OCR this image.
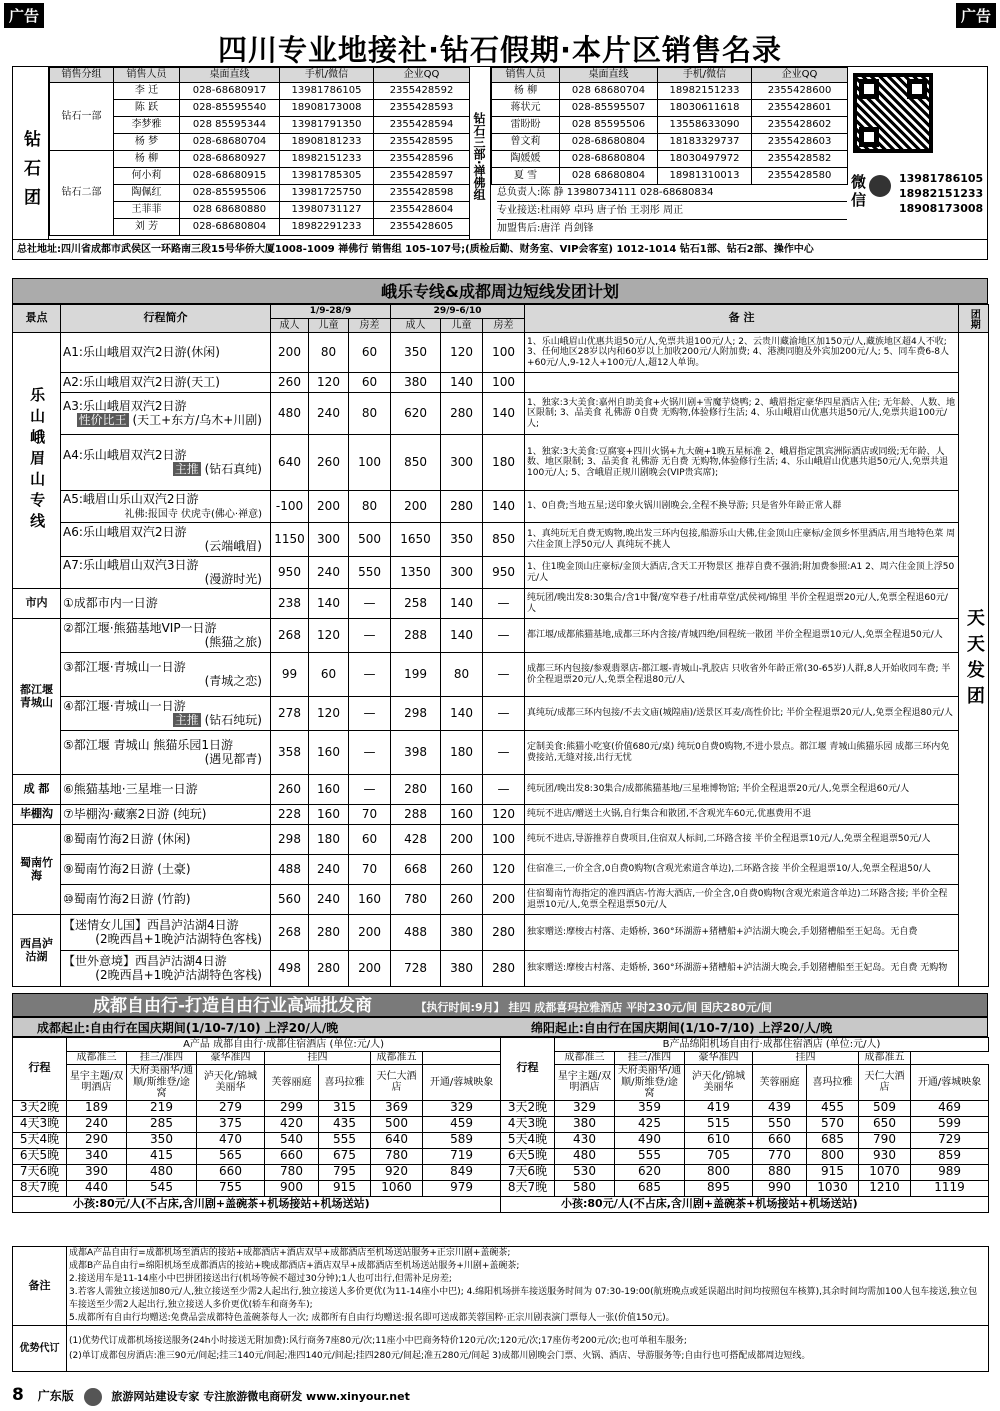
广告	广告
四川专业地接社·钻石假期·本片区销售名录
钻石团
销售分组	销售人员	桌面直线	手机/微信	企业QQ
钻石一部	李 迁	028-68680917	13981786105	2355428592
	陈 跃	028-85595540	18908173008	2355428593
	李梦雅	028 85595344	13981791350	2355428594
	杨 梦	028-68680704	18908181233	2355428595
钻石二部	杨 柳	028-68680927	18982151233	2355428596
	何小莉	028-68680915	13981785305	2355428597
	陶佩红	028-85595506	13981725750	2355428598
	王菲菲	028 68680880	13980731127	2355428604
	刘 芳	028-68680804	18982291233	2355428605
钻石三部·禅佛组
销售人员	桌面直线	手机/微信	企业QQ
杨 柳	028 68680704	18982151233	2355428600
蒋状元	028-85595507	18030611618	2355428601
雷盼盼	028 85595506	13558633090	2355428602
曾文莉	028-68680804	18183329737	2355428603
陶媛媛	028-68680804	18030497972	2355428582
夏 雪	028 68680804	18981310013	2355428580
总负责人:陈 静 13980734111 028-68680834
专业接送:杜雨婷 卓玛 唐子怡 王羽彤 周正
加盟售后:唐洋 肖剑锋
微信
13981786105
18982151233
18908173008
总社地址:四川省成都市武侯区一环路南三段15号华侨大厦1008-1009 禅佛行 销售组 105-107号;(质检后勤、财务室、VIP会客室) 1012-1014 钻石1部、钻石2部、操作中心
峨乐专线&成都周边短线发团计划
景点	行程简介	1/9-28/9			29/9-6/10			备 注	团期
		成人	儿童	房差	成人	儿童	房差		
乐山峨眉山专线	A1:乐山峨眉双汽2日游(休闲)	200	80	60	350	120	100	1、乐山峨眉山优惠共退50元/人,免票共退100元/人; 2、云贵川藏渝地区加150元/人,藏族地区超4人不收; 3、任何地区28岁以内和60岁以上加收200元/人附加费; 4、港澳同胞及外宾加200元/人; 5、同车费6-8人+60元/人,9-12人+100元/人,超12人单询。	天天发团

	A2:乐山峨眉双汽2日游(天工)	260	120	60	380	140	100		

	A3:乐山峨眉双汽2日游
性价比王 (天工+东方/乌木+川剧)	480	240	80	620	280	140	1、独家:3大美食:嘉州自助美食+火锅川剧+雪魔芋烧鸭; 2、峨眉指定豪华四星酒店入住; 无年龄、人数、地区限制; 3、品美食 礼佛游 0自费 无购物,体验修行生活; 4、乐山峨眉山优惠共退50元/人,免票共退100元/人;	

	A4:乐山峨眉双汽2日游
主推 (钻石真纯)	640	260	100	850	300	180	1、独家:3大美食:豆腐宴+四川火锅+九大碗+1晚五星标准 2、峨眉指定凯宾洲际酒店或同级;无年龄、人数、地区限制; 3、品美食 礼佛游 无自费 无购物,体验修行生活; 4、乐山峨眉山优惠共退50元/人,免票共退100元/人; 5、含峨眉正规川剧晚会(VIP贵宾席);	

	A5:峨眉山乐山双汽2日游
礼佛:报国寺 伏虎寺(佛心·禅意)	-100	200	80	200	280	140	1、0自费;当地五星;送印象火锅川剧晚会,全程不换导游; 只是省外年龄正常人群	

	A6:乐山峨眉双汽2日游
(云端峨眉)	1150	300	500	1650	350	850	1、真纯玩无自费无购物,晚出发三环内包接,船游乐山大佛,住金顶山庄豪标/金顶乡怀里酒店,用当地特色菜 周六住金顶上浮50元/人 真纯玩不挑人	

	A7:乐山峨眉山双汽3日游
(漫游时光)	950	240	550	1350	300	950	1、住1晚金顶山庄豪标/金顶大酒店,含天工开物景区 推荐自费不强消;附加费参照:A1 2、周六住金顶上浮50元/人	
市内	①成都市内一日游	238	140	—	258	140	—	纯玩团/晚出发8:30集合/含1中餐/宽窄巷子/杜甫草堂/武侯祠/锦里 半价全程退票20元/人,免票全程退60元/人	
都江堰青城山	②都江堰·熊猫基地VIP一日游
(熊猫之旅)	268	120	—	288	140	—	都江堰/成都熊猫基地,成都三环内含接/青城四绝/回程统一散团 半价全程退票10元/人,免票全程退50元/人	

	③都江堰·青城山一日游
(青城之恋)	99	60	—	199	80	—	成都三环内包接/参观翡翠店-都江堰-青城山-乳胶店 只收省外年龄正常(30-65岁)人群,8人开始收同车费; 半价全程退票20元/人,免票全程退80元/人	

	④都江堰·青城山一日游
主推 (钻石纯玩)	278	120	—	298	140	—	真纯玩/成都三环内包接/不去文庙(城隍庙)/送景区耳麦/高性价比; 半价全程退票20元/人,免票全程退80元/人	

	⑤都江堰 青城山 熊猫乐园1日游
(遇见都青)	358	160	—	398	180	—	定制美食:熊猫小吃宴(价值680元/桌) 纯玩0自费0购物,不进小景点。都江堰 青城山熊猫乐园 成都三环内免费接站,无缝对接,出行无忧	
成 都	⑥熊猫基地·三星堆一日游	260	160	—	280	160	—	纯玩团/晚出发8:30集合/成都熊猫基地/三星堆博物馆; 半价全程退票20元/人,免票全程退60元/人	
毕棚沟	⑦毕棚沟·藏寨2日游 (纯玩)	228	160	70	288	160	120	纯玩不进店/赠送土火锅,自行集合和散团,不含观光车60元,优惠费用不退	
蜀南竹海	⑧蜀南竹海2日游 (休闲)	298	180	60	428	200	100	纯玩不进店,导游推荐自费项目,住宿双人标间,二环路含接 半价全程退票10元/人,免票全程退票50元/人	

	⑨蜀南竹海2日游 (土豪)	488	240	70	668	260	120	住宿准三,一价全含,0自费0购物(含观光索道含单边),二环路含接 半价全程退票10/人,免票全程退50/人	

	⑩蜀南竹海2日游 (竹韵)	560	240	160	780	260	200	住宿蜀南竹海指定的准四酒店-竹海大酒店,一价全含,0自费0购物(含观光索道含单边)二环路含接; 半价全程退票10元/人,免票全程退票50元/人	
西昌泸沽湖	【迷情女儿国】西昌泸沽湖4日游
(2晚西昌+1晚泸沽湖特色客栈)	268	280	200	488	380	280	独家赠送:摩梭古村落、走婚桥, 360°环湖游+猪槽船+泸沽湖大晚会,手划猪槽船至王妃岛。无自费	

	【世外意境】西昌泸沽湖4日游
(2晚西昌+1晚泸沽湖特色客栈)	498	280	200	728	380	280	独家赠送:摩梭古村落、走婚桥, 360°环湖游+猪槽船+泸沽湖大晚会,手划猪槽船至王妃岛。无自费 无购物	
成都自由行-打造自由行业高端批发商	【执行时间:9月】 挂四 成都喜玛拉雅酒店 平时230元/间 国庆280元/间
成都起止:自由行在国庆期间(1/10-7/10) 上浮20/人/晚	绵阳起止:自由行在国庆期间(1/10-7/10) 上浮20/人/晚
行程	A产品 成都自由行·成都住宿酒店 (单位:元/人)						
	成都准三	挂三/准四	豪华准四	挂四		成都准五	
	星宇主题/双明酒店	天府美丽华/通顺/斯维登/途窝	泸天化/锦城美丽华	芙蓉丽庭	喜玛拉雅	天仁大酒店	开通/蓉城映象
3天2晚	189	219	279	299	315	369	329
4天3晚	240	285	375	420	435	500	459
5天4晚	290	350	470	540	555	640	589
6天5晚	340	415	565	660	675	780	719
7天6晚	390	480	660	780	795	920	849
8天7晚	440	545	755	900	915	1060	979
小孩:80元/人(不占床,含川剧+盖碗茶+机场接站+机场送站)							
行程	B产品绵阳机场自由行·成都住宿酒店 (单位:元/人)						
	成都准三	挂三/准四	豪华准四	挂四		成都准五	
	星宇主题/双明酒店	天府美丽华/通顺/斯维登/途窝	泸天化/锦城美丽华	芙蓉丽庭	喜玛拉雅	天仁大酒店	开通/蓉城映象
3天2晚	329	359	419	439	455	509	469
4天3晚	380	425	515	550	570	650	599
5天4晚	430	490	610	660	685	790	729
6天5晚	480	555	705	770	800	930	859
7天6晚	530	620	800	880	915	1070	989
8天7晚	580	685	895	990	1030	1210	1119
小孩:80元/人(不占床,含川剧+盖碗茶+机场接站+机场送站)							
备注	成都A产品自由行=成都机场至酒店的接站+成都酒店+酒店双早+成都酒店至机场送站服务+正宗川剧+盖碗茶;
成都B产品自由行=绵阳机场至成都酒店的接站+晚成都酒店+酒店双早+成都酒店至机场送站服务+川剧+盖碗茶;
2.接送用车是11-14座小中巴拼团接送出行(机场等候不超过30分钟);1人也可出行,但需补足房差;
3.若客人需独立接送加80元/人,独立接送至少需2人起出行,独立接送人多价更优(为11-14座小中巴); 4.绵阳机场拼车接送服务时间为 07:30-19:00(航班晚点或延误超出时间均按照包车核算),其余时间均需加100人包车接送,独立包车接送至少需2人起出行,独立接送人多价更优(轿车和商务车);
5.成都所有自由行均赠送:免费品尝成都特色盖碗茶每人一次; 成都所有自由行均赠送:报名即可送成都芙蓉国粹·正宗川剧表演门票每人一张(价值150元)。

优势代订	(1)优势代订成都机场接送服务(24h小时接送无附加费):风行商务7座80元/次;11座小中巴商务特价120元/次;120元/次;17座仿考200元/次;也可单租车服务;
(2)单订成都包房酒店:准三90元/间起;挂三140元/间起;准四140元/间起;挂四280元/间起;准五280元/间起 3)成都川剧晚会门票、火锅、酒店、导游服务等;自由行也可搭配成都周边短线。
8 广东版	旅游网站建设专家 专注旅游微电商研发 www.xinyour.net
